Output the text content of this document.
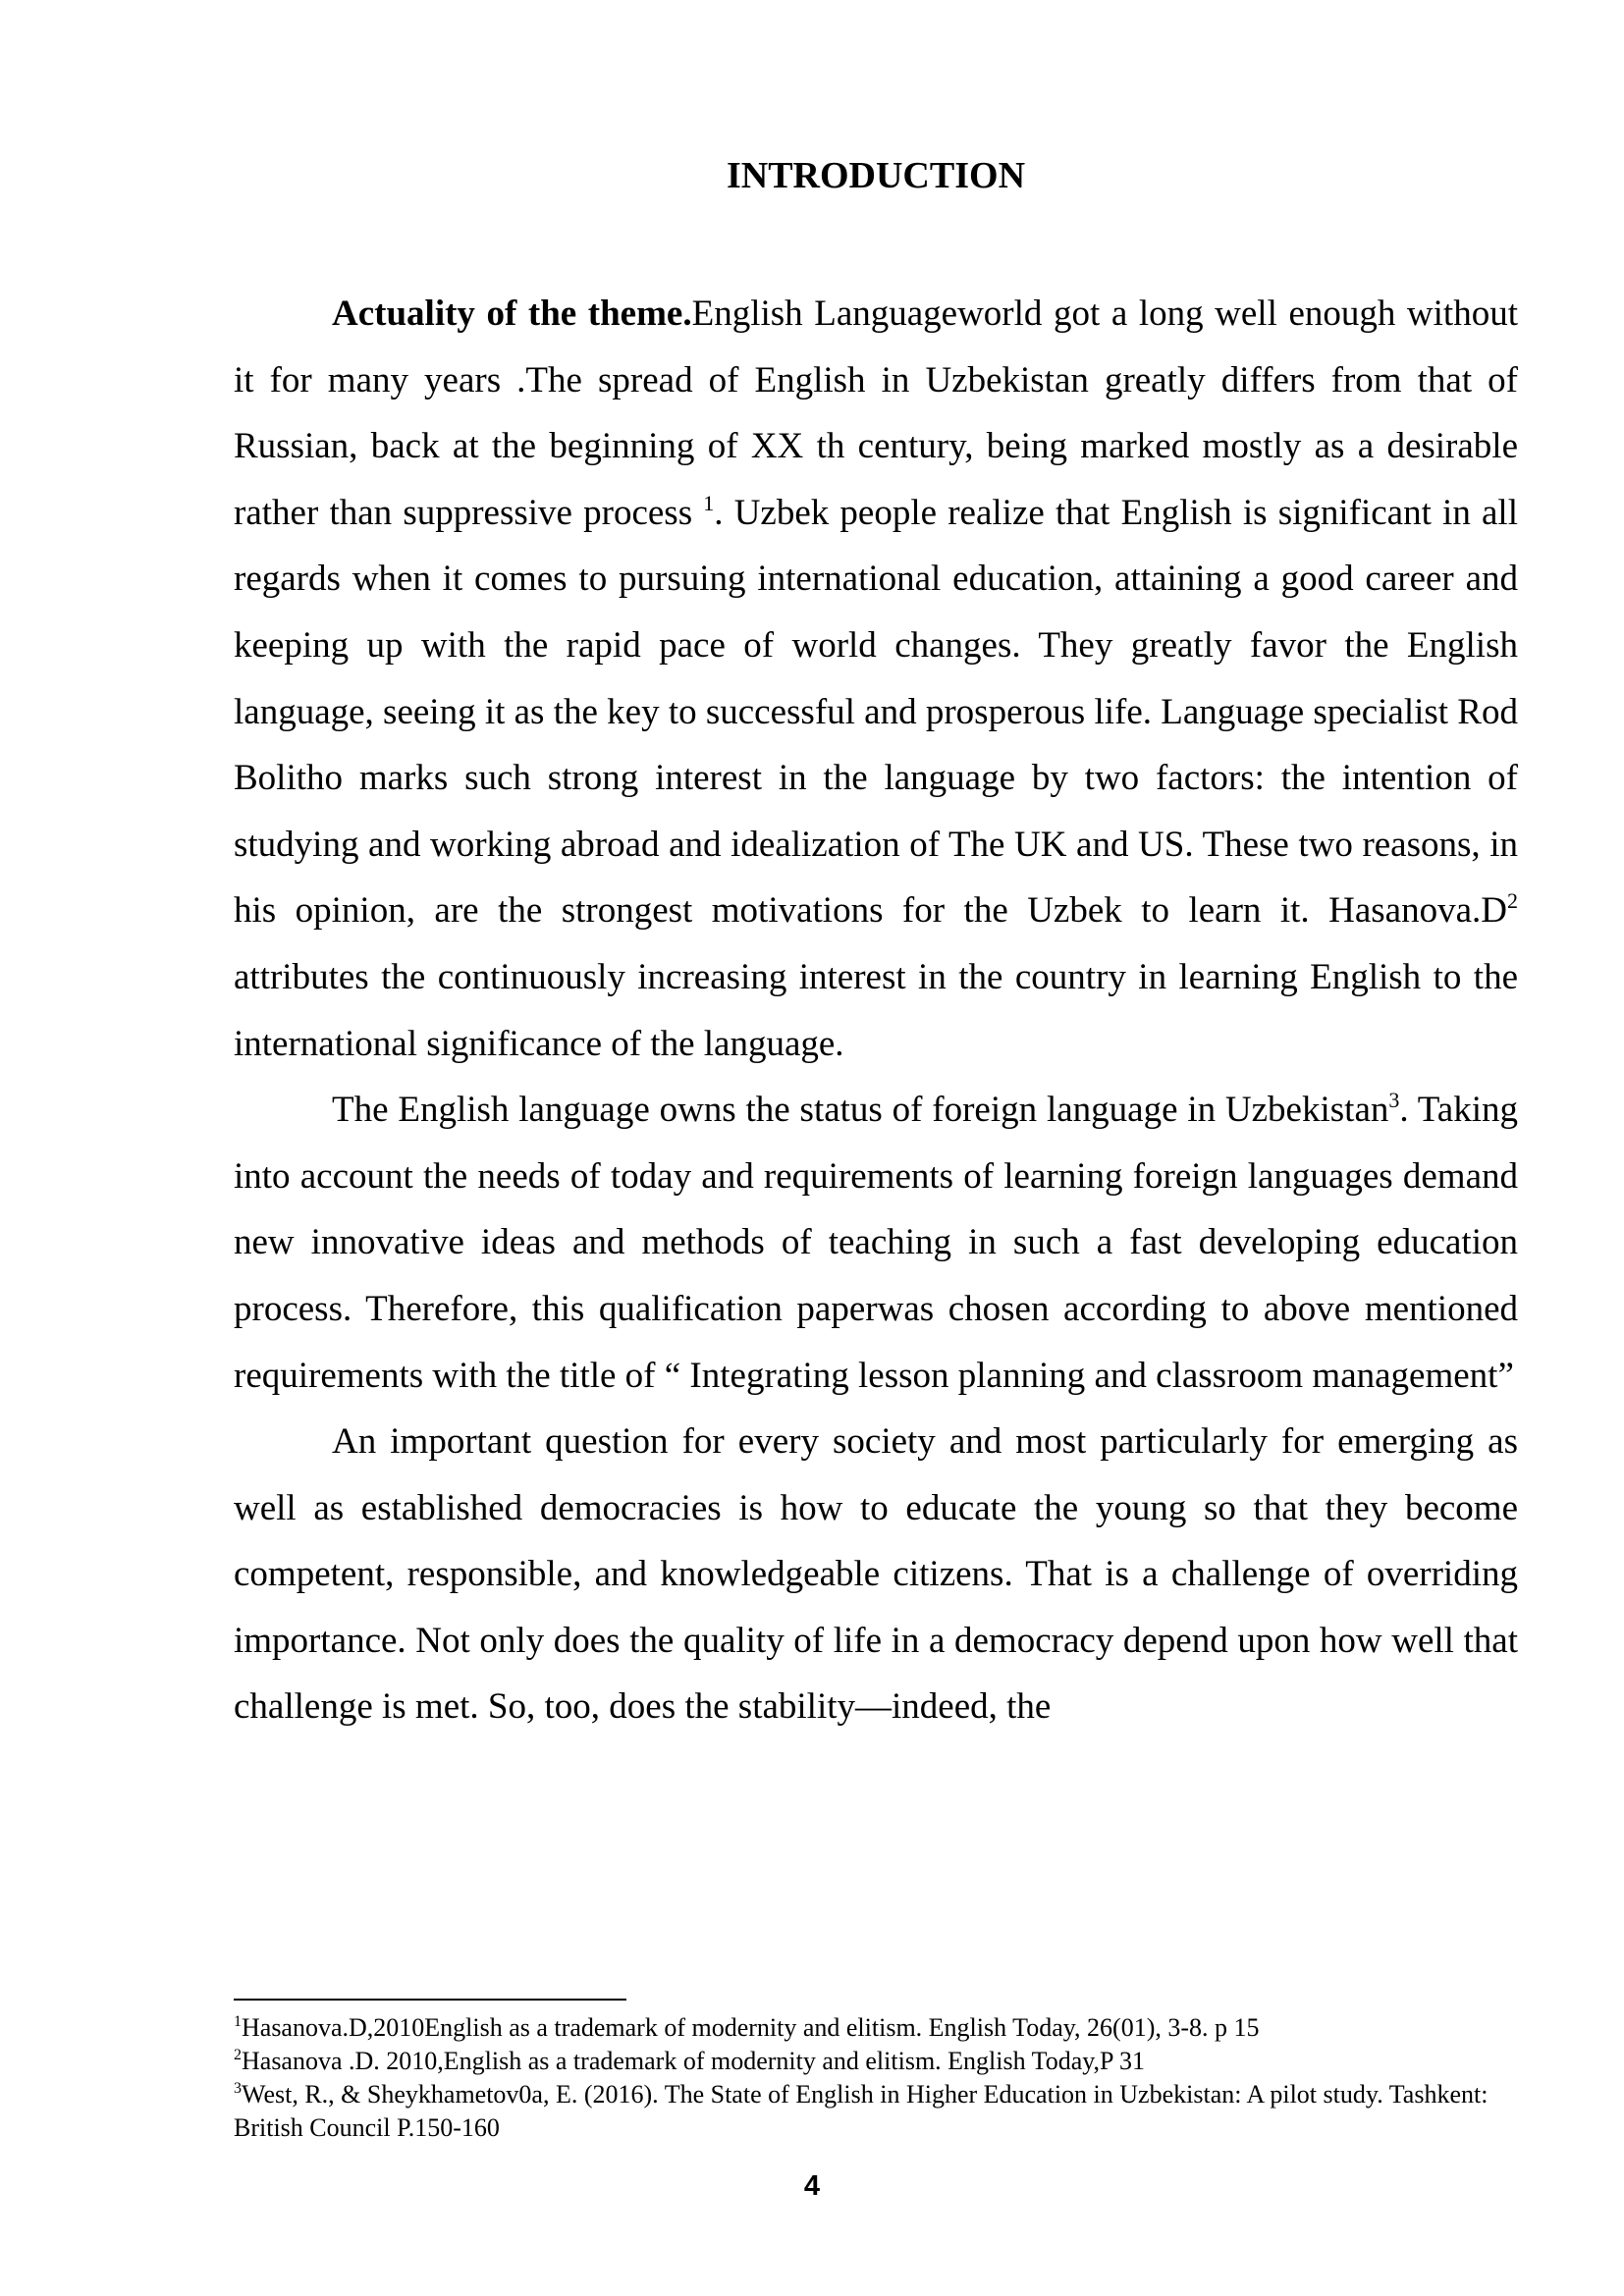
INTRODUCTION

Actuality of the theme.English Languageworld got a long well enough without it for many years .The spread of English in Uzbekistan greatly differs from that of Russian, back at the beginning of XX th century, being marked mostly as a desirable rather than suppressive process $^1$. Uzbek people realize that English is significant in all regards when it comes to pursuing international education, attaining a good career and keeping up with the rapid pace of world changes. They greatly favor the English language, seeing it as the key to successful and prosperous life. Language specialist Rod Bolitho marks such strong interest in the language by two factors: the intention of studying and working abroad and idealization of The UK and US. These two reasons, in his opinion, are the strongest motivations for the Uzbek to learn it. $Hasanova.D^2$ attributes the continuously increasing interest in the country in learning English to the international significance of the language.

The English language owns the status of foreign language in Uzbekistan$^3$. Taking into account the needs of today and requirements of learning foreign languages demand new innovative ideas and methods of teaching in such a fast developing education process. Therefore, this qualification paperwas chosen according to above mentioned requirements with the title of “ Integrating lesson planning and classroom management”

An important question for every society and most particularly for emerging as well as established democracies is how to educate the young so that they become competent, responsible, and knowledgeable citizens. That is a challenge of overriding importance. Not only does the quality of life in a democracy depend upon how well that challenge is met. So, too, does the stability—indeed, the

$^1$Hasanova.D,2010English as a trademark of modernity and elitism. English Today, 26(01), 3-8. p 15

$^2$Hasanova .D. 2010,English as a trademark of modernity and elitism. English Today,P 31

$^3$West, R., & Sheykhametov0a, E. (2016). The State of English in Higher Education in Uzbekistan: A pilot study. Tashkent: British Council P.150-160

4
